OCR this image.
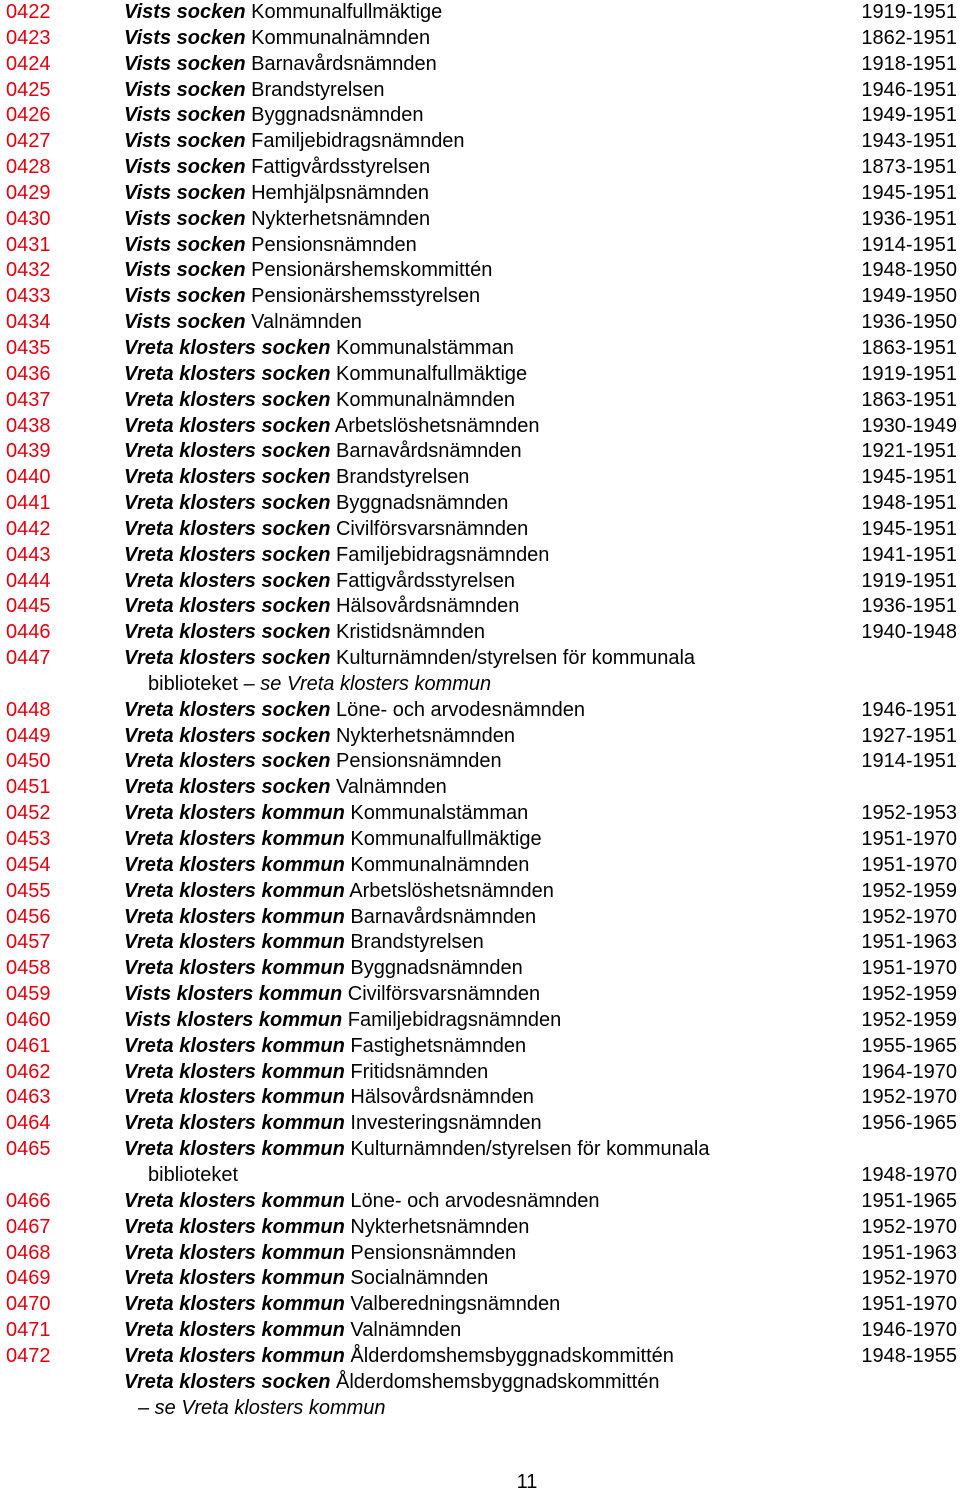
0422	Vists socken Kommunalfullmäktige	1919-1951
0423	Vists socken Kommunalnämnden	1862-1951
0424	Vists socken Barnavårdsnämnden	1918-1951
0425	Vists socken Brandstyrelsen	1946-1951
0426	Vists socken Byggnadsnämnden	1949-1951
0427	Vists socken Familjebidragsnämnden	1943-1951
0428	Vists socken Fattigvårdsstyrelsen	1873-1951
0429	Vists socken Hemhjälpsnämnden	1945-1951
0430	Vists socken Nykterhetsnämnden	1936-1951
0431	Vists socken Pensionsnämnden	1914-1951
0432	Vists socken Pensionärshemskommittén	1948-1950
0433	Vists socken Pensionärshemsstyrelsen	1949-1950
0434	Vists socken Valnämnden	1936-1950
0435	Vreta klosters socken Kommunalstämman	1863-1951
0436	Vreta klosters socken Kommunalfullmäktige	1919-1951
0437	Vreta klosters socken Kommunalnämnden	1863-1951
0438	Vreta klosters socken Arbetslöshetsnämnden	1930-1949
0439	Vreta klosters socken Barnavårdsnämnden	1921-1951
0440	Vreta klosters socken Brandstyrelsen	1945-1951
0441	Vreta klosters socken Byggnadsnämnden	1948-1951
0442	Vreta klosters socken Civilförsvarsnämnden	1945-1951
0443	Vreta klosters socken Familjebidragsnämnden	1941-1951
0444	Vreta klosters socken Fattigvårdsstyrelsen	1919-1951
0445	Vreta klosters socken Hälsovårdsnämnden	1936-1951
0446	Vreta klosters socken Kristidsnämnden	1940-1948
0447	Vreta klosters socken Kulturnämnden/styrelsen för kommunala
biblioteket – se Vreta klosters kommun
0448	Vreta klosters socken Löne- och arvodesnämnden	1946-1951
0449	Vreta klosters socken Nykterhetsnämnden	1927-1951
0450	Vreta klosters socken Pensionsnämnden	1914-1951
0451	Vreta klosters socken Valnämnden
0452	Vreta klosters kommun Kommunalstämman	1952-1953
0453	Vreta klosters kommun Kommunalfullmäktige	1951-1970
0454	Vreta klosters kommun Kommunalnämnden	1951-1970
0455	Vreta klosters kommun Arbetslöshetsnämnden	1952-1959
0456	Vreta klosters kommun Barnavårdsnämnden	1952-1970
0457	Vreta klosters kommun Brandstyrelsen	1951-1963
0458	Vreta klosters kommun Byggnadsnämnden	1951-1970
0459	Vists klosters kommun Civilförsvarsnämnden	1952-1959
0460	Vists klosters kommun Familjebidragsnämnden	1952-1959
0461	Vreta klosters kommun Fastighetsnämnden	1955-1965
0462	Vreta klosters kommun Fritidsnämnden	1964-1970
0463	Vreta klosters kommun Hälsovårdsnämnden	1952-1970
0464	Vreta klosters kommun Investeringsnämnden	1956-1965
0465	Vreta klosters kommun Kulturnämnden/styrelsen för kommunala
biblioteket	1948-1970
0466	Vreta klosters kommun Löne- och arvodesnämnden	1951-1965
0467	Vreta klosters kommun Nykterhetsnämnden	1952-1970
0468	Vreta klosters kommun Pensionsnämnden	1951-1963
0469	Vreta klosters kommun Socialnämnden	1952-1970
0470	Vreta klosters kommun Valberedningsnämnden	1951-1970
0471	Vreta klosters kommun Valnämnden	1946-1970
0472	Vreta klosters kommun Ålderdomshemsbyggnadskommittén	1948-1955
Vreta klosters socken Ålderdomshemsbyggnadskommittén
– se Vreta klosters kommun
11
